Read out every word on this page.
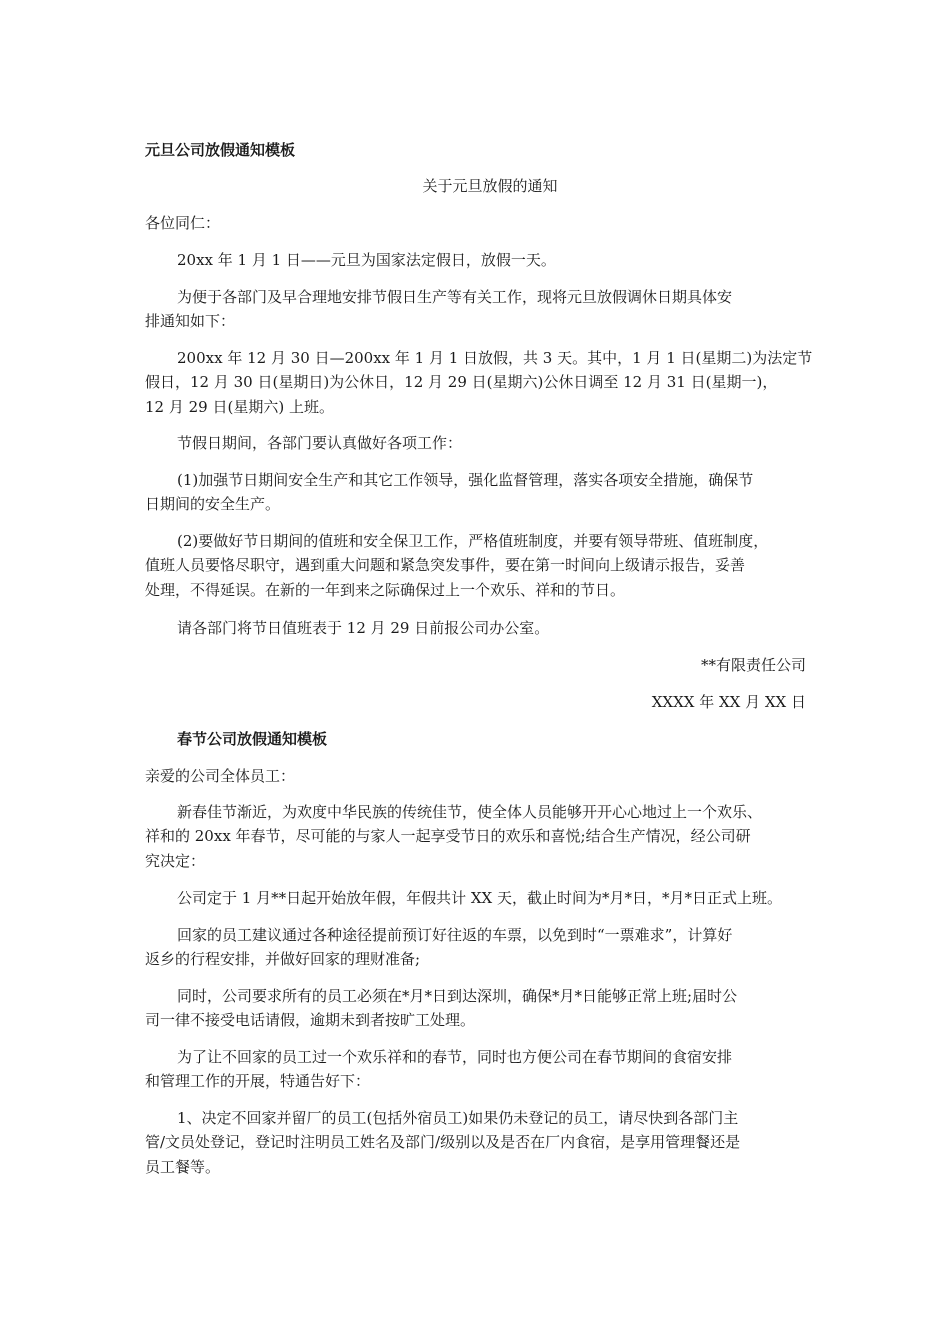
元旦公司放假通知模板
关于元旦放假的通知
各位同仁：
20xx 年 1 月 1 日——元旦为国家法定假日，放假一天。
为便于各部门及早合理地安排节假日生产等有关工作，现将元旦放假调休日期具体安
排通知如下：
200xx 年 12 月 30 日—200xx 年 1 月 1 日放假，共 3 天。其中，1 月 1 日(星期二)为法定节
假日，12 月 30 日(星期日)为公休日，12 月 29 日(星期六)公休日调至 12 月 31 日(星期一)，
12 月 29 日(星期六) 上班。
节假日期间，各部门要认真做好各项工作：
(1)加强节日期间安全生产和其它工作领导，强化监督管理，落实各项安全措施，确保节
日期间的安全生产。
(2)要做好节日期间的值班和安全保卫工作，严格值班制度，并要有领导带班、值班制度，
值班人员要恪尽职守，遇到重大问题和紧急突发事件，要在第一时间向上级请示报告，妥善
处理，不得延误。在新的一年到来之际确保过上一个欢乐、祥和的节日。
请各部门将节日值班表于 12 月 29 日前报公司办公室。
**有限责任公司
XXXX 年 XX 月 XX 日
春节公司放假通知模板
亲爱的公司全体员工：
新春佳节渐近，为欢度中华民族的传统佳节，使全体人员能够开开心心地过上一个欢乐、
祥和的 20xx 年春节，尽可能的与家人一起享受节日的欢乐和喜悦;结合生产情况，经公司研
究决定：
公司定于 1 月**日起开始放年假，年假共计 XX 天，截止时间为*月*日，*月*日正式上班。
回家的员工建议通过各种途径提前预订好往返的车票，以免到时“一票难求”，计算好
返乡的行程安排，并做好回家的理财准备;
同时，公司要求所有的员工必须在*月*日到达深圳，确保*月*日能够正常上班;届时公
司一律不接受电话请假，逾期未到者按旷工处理。
为了让不回家的员工过一个欢乐祥和的春节，同时也方便公司在春节期间的食宿安排
和管理工作的开展，特通告好下：
1、决定不回家并留厂的员工(包括外宿员工)如果仍未登记的员工，请尽快到各部门主
管/文员处登记，登记时注明员工姓名及部门/级别以及是否在厂内食宿，是享用管理餐还是
员工餐等。
